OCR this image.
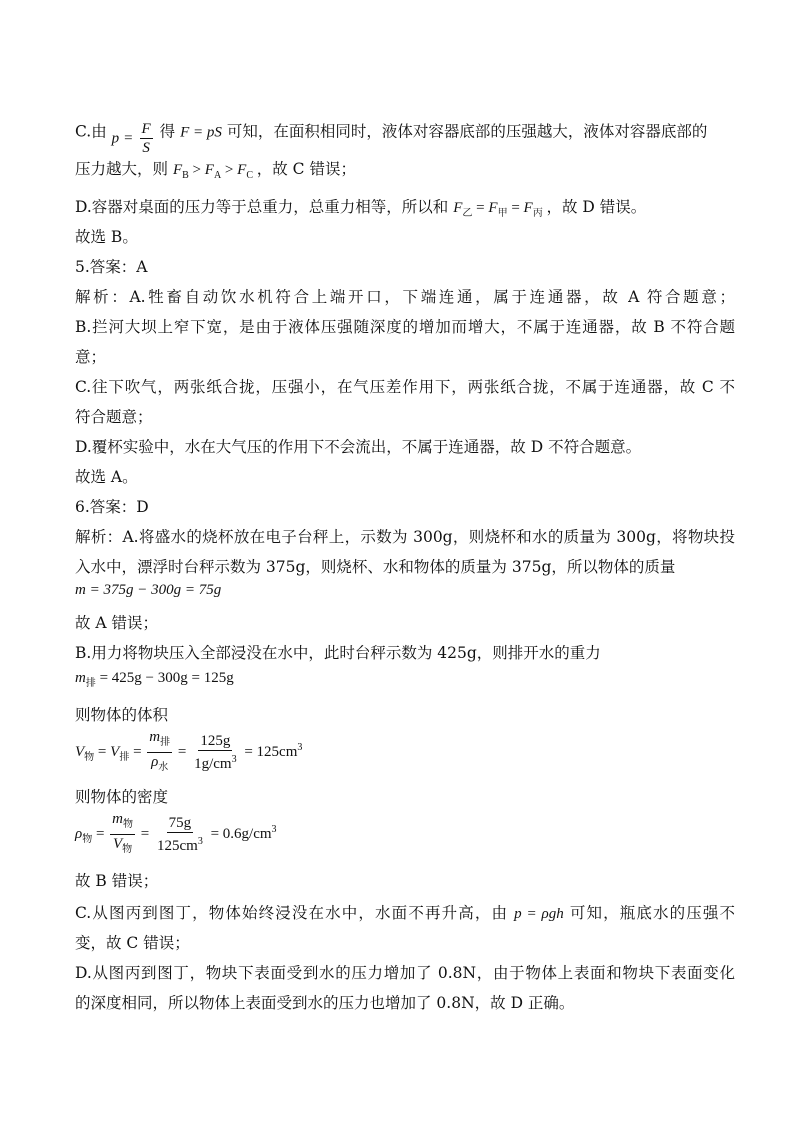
C.由 $p = \frac{F}{S}$ 得 F = pS 可知，在面积相同时，液体对容器底部的压强越大，液体对容器底部的
压力越大，则 $F_B > F_A > F_C$ ，故 C 错误；
D.容器对桌面的压力等于总重力，总重力相等，所以和 $F_乙 = F_甲 = F_丙$ ，故 D 错误。
故选 B。
5.答案：A
解析：A.牲畜自动饮水机符合上端开口，下端连通，属于连通器，故 A 符合题意；
B.拦河大坝上窄下宽，是由于液体压强随深度的增加而增大，不属于连通器，故 B 不符合题
意；
C.往下吹气，两张纸合拢，压强小，在气压差作用下，两张纸合拢，不属于连通器，故 C 不
符合题意；
D.覆杯实验中，水在大气压的作用下不会流出，不属于连通器，故 D 不符合题意。
故选 A。
6.答案：D
解析：A.将盛水的烧杯放在电子台秤上，示数为 300g，则烧杯和水的质量为 300g，将物块投
入水中，漂浮时台秤示数为 375g，则烧杯、水和物体的质量为 375g，所以物体的质量
m = 375g − 300g = 75g
故 A 错误；
B.用力将物块压入全部浸没在水中，此时台秤示数为 425g，则排开水的重力
$m_排 = 425g - 300g = 125g$
则物体的体积
$V_物 = V_排 = \frac{m_排}{\rho_水} = \frac{125g}{1g/cm^3} = 125cm^3$
则物体的密度
$\rho_物 = \frac{m_物}{V_物} = \frac{75g}{125cm^3} = 0.6g/cm^3$
故 B 错误；
C.从图丙到图丁，物体始终浸没在水中，水面不再升高，由 p = ρgh 可知，瓶底水的压强不
变，故 C 错误；
D.从图丙到图丁，物块下表面受到水的压力增加了 0.8N，由于物体上表面和物块下表面变化
的深度相同，所以物体上表面受到水的压力也增加了 0.8N，故 D 正确。
